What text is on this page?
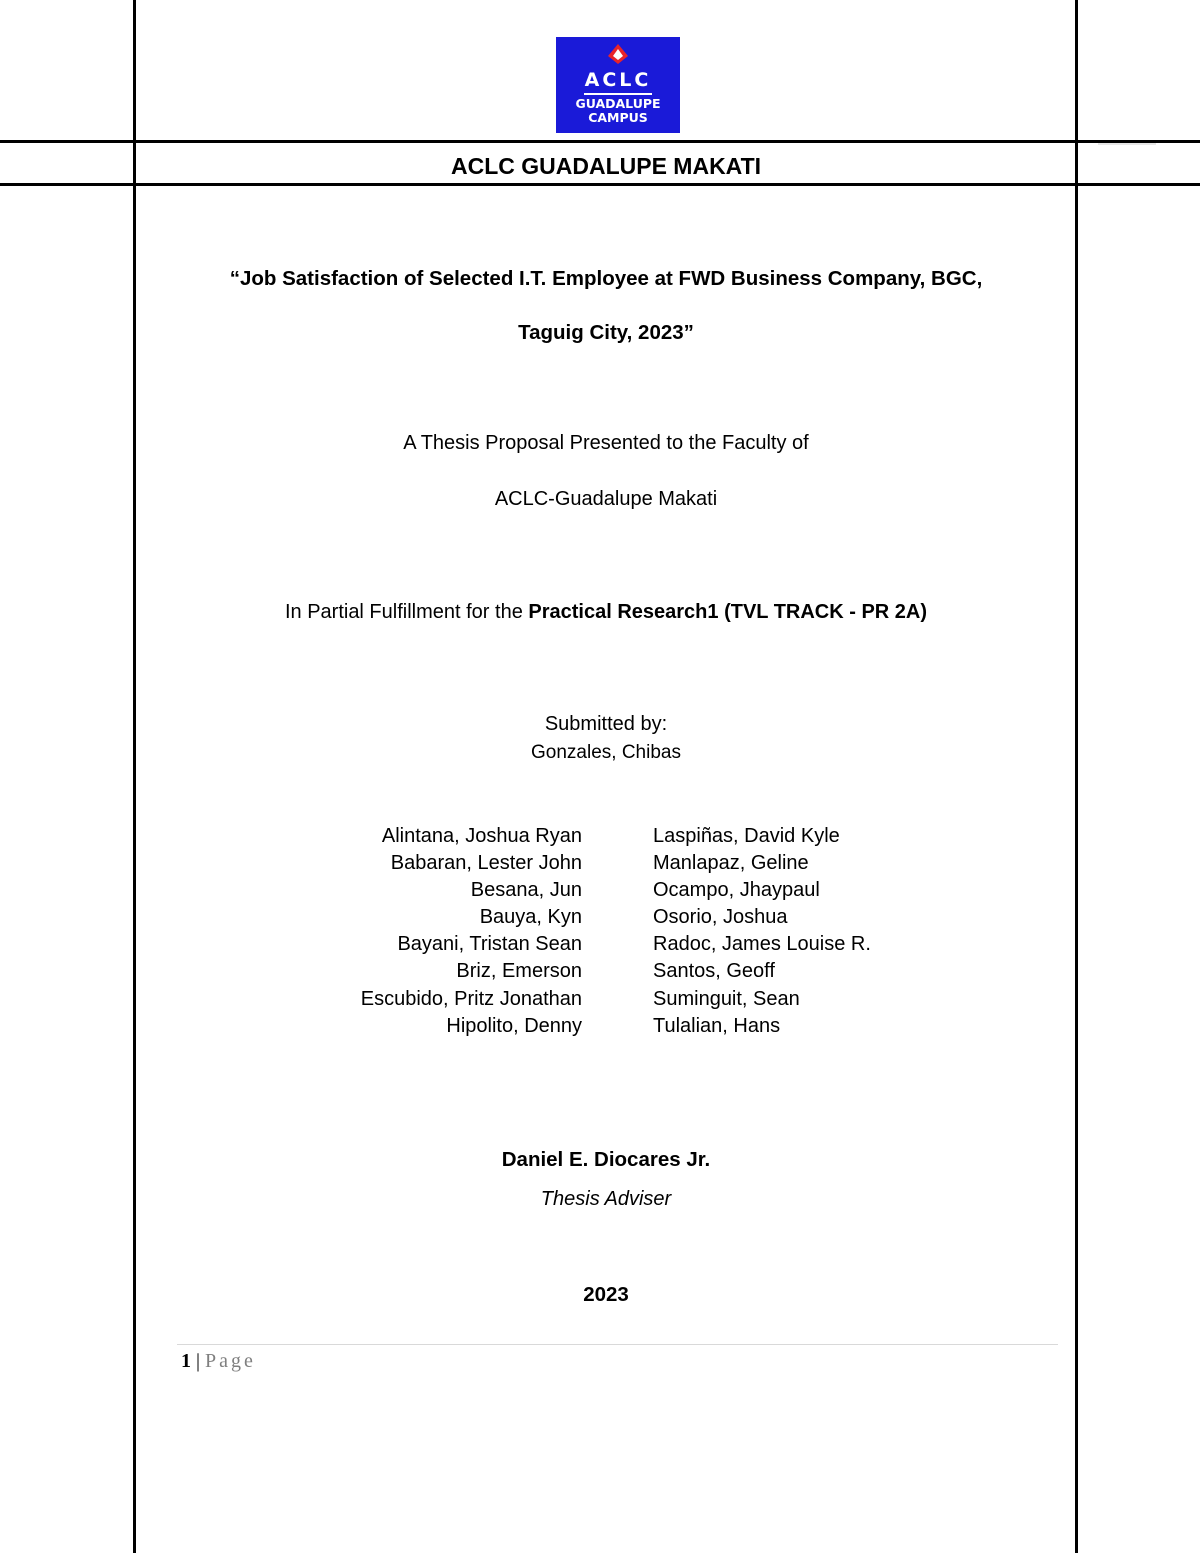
ACLC
GUADALUPE
CAMPUS
ACLC GUADALUPE MAKATI
“Job Satisfaction of Selected I.T. Employee at FWD Business Company, BGC,
Taguig City, 2023”
A Thesis Proposal Presented to the Faculty of
ACLC-Guadalupe Makati
In Partial Fulfillment for the Practical Research1 (TVL TRACK - PR 2A)
Submitted by:
Gonzales, Chibas
Alintana, Joshua Ryan
Babaran, Lester John
Besana, Jun
Bauya, Kyn
Bayani, Tristan Sean
Briz, Emerson
Escubido, Pritz Jonathan
Hipolito, Denny
Laspiñas, David Kyle
Manlapaz, Geline
Ocampo, Jhaypaul
Osorio, Joshua
Radoc, James Louise R.
Santos, Geoff
Suminguit, Sean
Tulalian, Hans
Daniel E. Diocares Jr.
Thesis Adviser
2023
1 | Page
